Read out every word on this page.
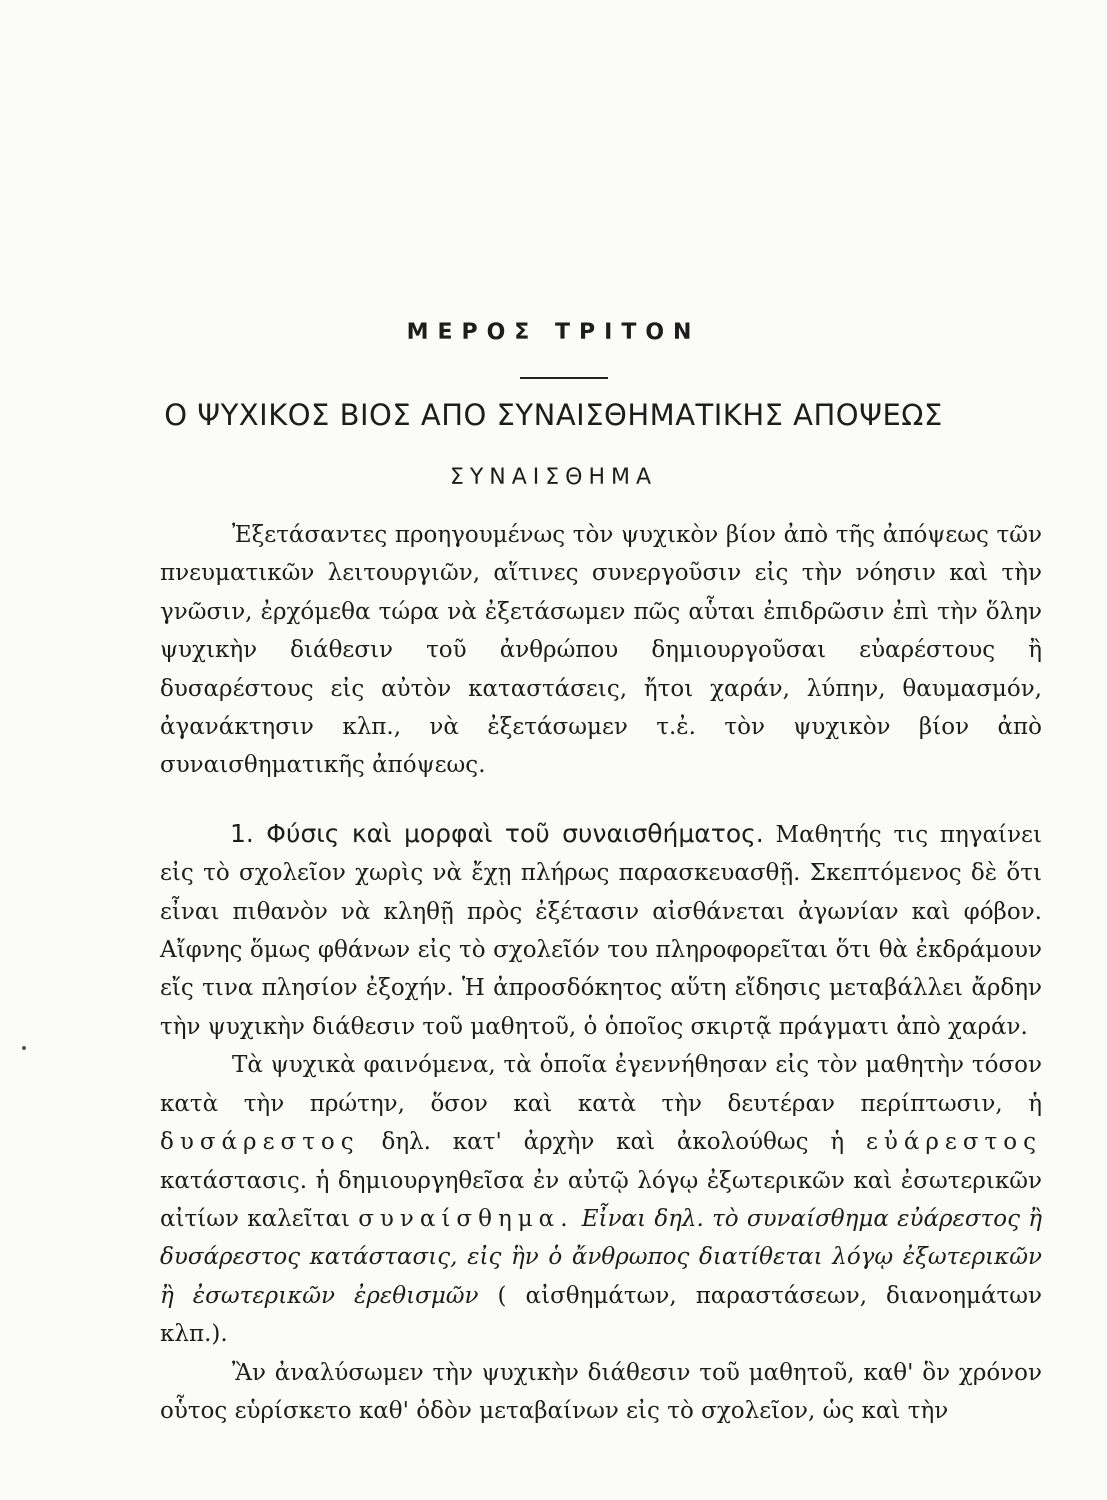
ΜΕΡΟΣ ΤΡΙΤΟΝ
Ο ΨΥΧΙΚΟΣ ΒΙΟΣ ΑΠΟ ΣΥΝΑΙΣΘΗΜΑΤΙΚΗΣ ΑΠΟΨΕΩΣ
ΣΥΝΑΙΣΘΗΜΑ

Ἐξετάσαντες προηγουμένως τὸν ψυχικὸν βίον ἀπὸ τῆς ἀπόψεως τῶν πνευματικῶν λειτουργιῶν, αἵτινες συνεργοῦσιν εἰς τὴν νόησιν καὶ τὴν γνῶσιν, ἐρχόμεθα τώρα νὰ ἐξετάσωμεν πῶς αὗται ἐπιδρῶσιν ἐπὶ τὴν ὅλην ψυχικὴν διάθεσιν τοῦ ἀνθρώπου δημιουργοῦσαι εὐαρέστους ἢ δυσαρέστους εἰς αὐτὸν καταστάσεις, ἤτοι χαράν, λύπην, θαυμασμόν, ἀγανάκτησιν κλπ., νὰ ἐξετάσωμεν τ.ἐ. τὸν ψυχικὸν βίον ἀπὸ συναισθηματικῆς ἀπόψεως.

1. Φύσις καὶ μορφαὶ τοῦ συναισθήματος. Μαθητής τις πηγαίνει εἰς τὸ σχολεῖον χωρὶς νὰ ἔχῃ πλήρως παρασκευασθῇ. Σκεπτόμενος δὲ ὅτι εἶναι πιθανὸν νὰ κληθῇ πρὸς ἐξέτασιν αἰσθάνεται ἀγωνίαν καὶ φόβον. Αἴφνης ὅμως φθάνων εἰς τὸ σχολεῖόν του πληροφορεῖται ὅτι θὰ ἐκδράμουν εἴς τινα πλησίον ἐξοχήν. Ἡ ἀπροσδόκητος αὕτη εἴδησις μεταβάλλει ἄρδην τὴν ψυχικὴν διάθεσιν τοῦ μαθητοῦ, ὁ ὁποῖος σκιρτᾷ πράγματι ἀπὸ χαράν.

Τὰ ψυχικὰ φαινόμενα, τὰ ὁποῖα ἐγεννήθησαν εἰς τὸν μαθητὴν τόσον κατὰ τὴν πρώτην, ὅσον καὶ κατὰ τὴν δευτέραν περίπτωσιν, ἡ δυσάρεστος δηλ. κατ' ἀρχὴν καὶ ἀκολούθως ἡ εὐάρεστος κατάστασις. ἡ δημιουργηθεῖσα ἐν αὐτῷ λόγῳ ἐξωτερικῶν καὶ ἐσωτερικῶν αἰτίων καλεῖται συναίσθημα. Εἶναι δηλ. τὸ συναίσθημα εὐάρεστος ἢ δυσάρεστος κατάστασις, εἰς ἣν ὁ ἄνθρωπος διατίθεται λόγῳ ἐξωτερικῶν ἢ ἐσωτερικῶν ἐρεθισμῶν ( αἰσθημάτων, παραστάσεων, διανοημάτων κλπ.).

Ἂν ἀναλύσωμεν τὴν ψυχικὴν διάθεσιν τοῦ μαθητοῦ, καθ' ὃν χρόνον οὗτος εὑρίσκετο καθ' ὁδὸν μεταβαίνων εἰς τὸ σχολεῖον, ὡς καὶ τὴν
